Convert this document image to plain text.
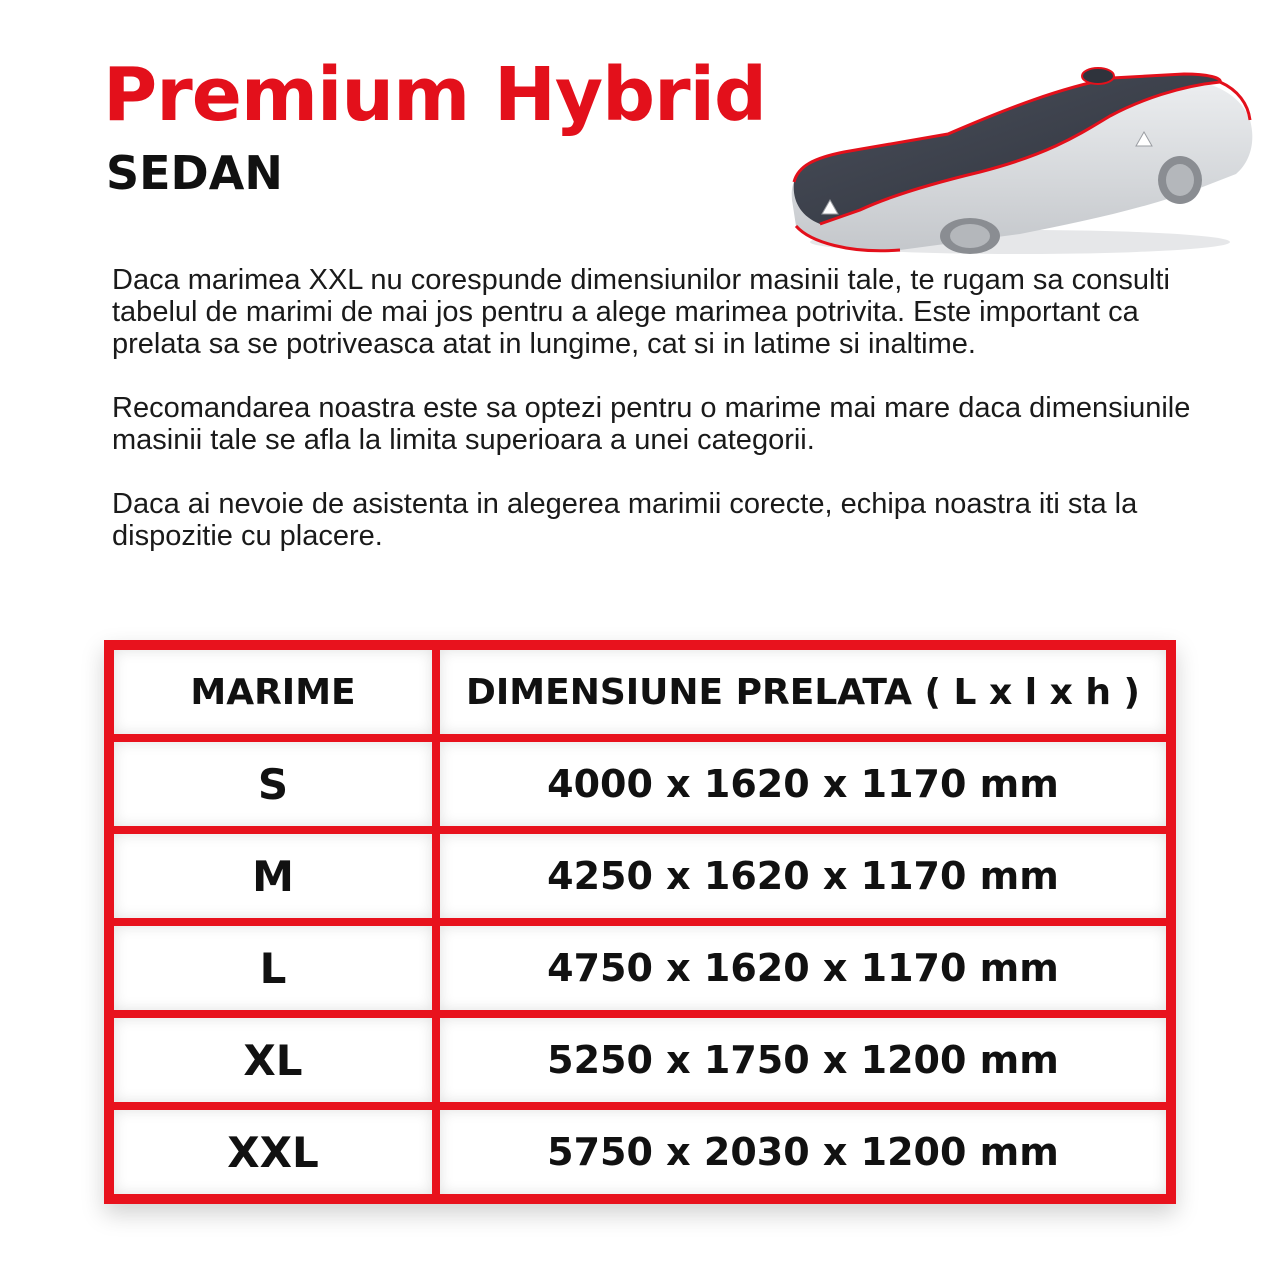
Premium Hybrid
SEDAN

Daca marimea XXL nu corespunde dimensiunilor masinii tale, te rugam sa consulti tabelul de marimi de mai jos pentru a alege marimea potrivita. Este important ca prelata sa se potriveasca atat in lungime, cat si in latime si inaltime.

Recomandarea noastra este sa optezi pentru o marime mai mare daca dimensiunile masinii tale se afla la limita superioara a unei categorii.

Daca ai nevoie de asistenta in alegerea marimii corecte, echipa noastra iti sta la dispozitie cu placere.

MARIME	DIMENSIUNE PRELATA ( L x l x h )
S	4000 x 1620 x 1170 mm
M	4250 x 1620 x 1170 mm
L	4750 x 1620 x 1170 mm
XL	5250 x 1750 x 1200 mm
XXL	5750 x 2030 x 1200 mm
